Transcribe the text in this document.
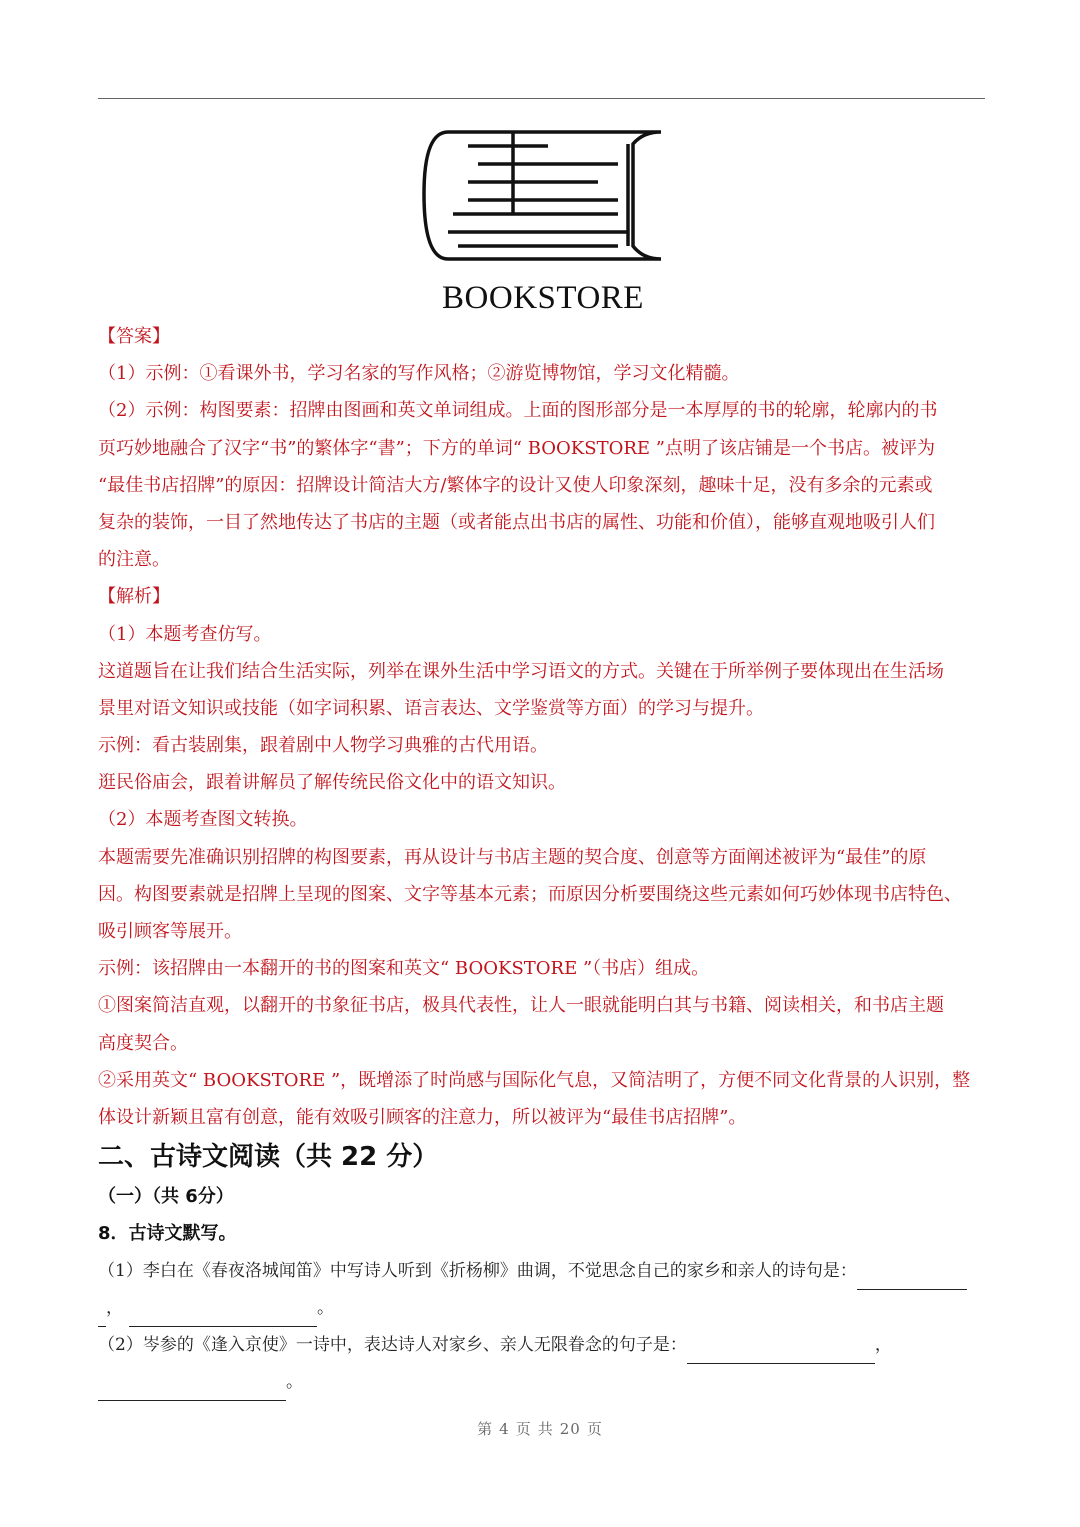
BOOKSTORE
【答案】
（1）示例：①看课外书，学习名家的写作风格；②游览博物馆，学习文化精髓。
（2）示例：构图要素：招牌由图画和英文单词组成。上面的图形部分是一本厚厚的书的轮廓，轮廓内的书
页巧妙地融合了汉字“书”的繁体字“書”；下方的单词“ BOOKSTORE ”点明了该店铺是一个书店。被评为
“最佳书店招牌”的原因：招牌设计简洁大方/繁体字的设计又使人印象深刻，趣味十足，没有多余的元素或
复杂的装饰，一目了然地传达了书店的主题（或者能点出书店的属性、功能和价值），能够直观地吸引人们
的注意。
【解析】
（1）本题考查仿写。
这道题旨在让我们结合生活实际，列举在课外生活中学习语文的方式。关键在于所举例子要体现出在生活场
景里对语文知识或技能（如字词积累、语言表达、文学鉴赏等方面）的学习与提升。
示例：看古装剧集，跟着剧中人物学习典雅的古代用语。
逛民俗庙会，跟着讲解员了解传统民俗文化中的语文知识。
（2）本题考查图文转换。
本题需要先准确识别招牌的构图要素，再从设计与书店主题的契合度、创意等方面阐述被评为“最佳”的原
因。构图要素就是招牌上呈现的图案、文字等基本元素；而原因分析要围绕这些元素如何巧妙体现书店特色、
吸引顾客等展开。
示例：该招牌由一本翻开的书的图案和英文“ BOOKSTORE ”（书店）组成。
①图案简洁直观，以翻开的书象征书店，极具代表性，让人一眼就能明白其与书籍、阅读相关，和书店主题
高度契合。
②采用英文“ BOOKSTORE ”，既增添了时尚感与国际化气息，又简洁明了，方便不同文化背景的人识别，整
体设计新颖且富有创意，能有效吸引顾客的注意力，所以被评为“最佳书店招牌”。
二、古诗文阅读（共 22 分）
（一）（共 6分）
8．古诗文默写。
（1）李白在《春夜洛城闻笛》中写诗人听到《折杨柳》曲调，不觉思念自己的家乡和亲人的诗句是：
，	。
（2）岑参的《逢入京使》一诗中，表达诗人对家乡、亲人无限眷念的句子是：	，
。
第 4 页 共 20 页
